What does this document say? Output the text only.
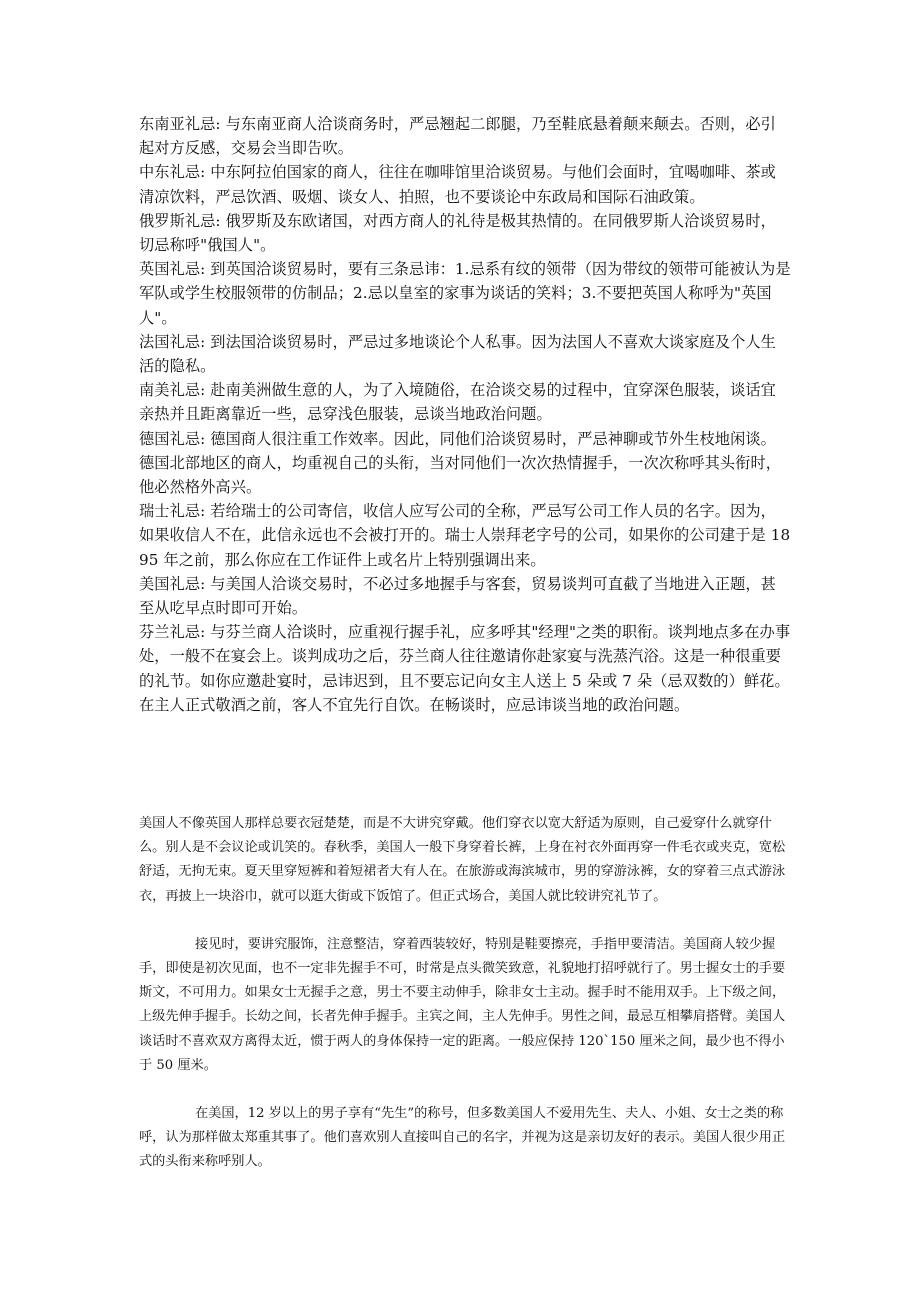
东南亚礼忌: 与东南亚商人洽谈商务时，严忌翘起二郎腿，乃至鞋底悬着颠来颠去。否则，必引起对方反感，交易会当即告吹。

中东礼忌: 中东阿拉伯国家的商人，往往在咖啡馆里洽谈贸易。与他们会面时，宜喝咖啡、茶或清凉饮料，严忌饮酒、吸烟、谈女人、拍照，也不要谈论中东政局和国际石油政策。

俄罗斯礼忌: 俄罗斯及东欧诸国，对西方商人的礼待是极其热情的。在同俄罗斯人洽谈贸易时，切忌称呼"俄国人"。

英国礼忌: 到英国洽谈贸易时，要有三条忌讳：1.忌系有纹的领带（因为带纹的领带可能被认为是军队或学生校服领带的仿制品；2.忌以皇室的家事为谈话的笑料；3.不要把英国人称呼为"英国人"。

法国礼忌: 到法国洽谈贸易时，严忌过多地谈论个人私事。因为法国人不喜欢大谈家庭及个人生活的隐私。

南美礼忌: 赴南美洲做生意的人，为了入境随俗，在洽谈交易的过程中，宜穿深色服装，谈话宜亲热并且距离靠近一些，忌穿浅色服装，忌谈当地政治问题。

德国礼忌: 德国商人很注重工作效率。因此，同他们洽谈贸易时，严忌神聊或节外生枝地闲谈。德国北部地区的商人，均重视自己的头衔，当对同他们一次次热情握手，一次次称呼其头衔时，他必然格外高兴。

瑞士礼忌: 若给瑞士的公司寄信，收信人应写公司的全称，严忌写公司工作人员的名字。因为，如果收信人不在，此信永远也不会被打开的。瑞士人崇拜老字号的公司，如果你的公司建于是 1895 年之前，那么你应在工作证件上或名片上特别强调出来。

美国礼忌: 与美国人洽谈交易时，不必过多地握手与客套，贸易谈判可直截了当地进入正题，甚至从吃早点时即可开始。

芬兰礼忌: 与芬兰商人洽谈时，应重视行握手礼，应多呼其"经理"之类的职衔。谈判地点多在办事处，一般不在宴会上。谈判成功之后，芬兰商人往往邀请你赴家宴与洗蒸汽浴。这是一种很重要的礼节。如你应邀赴宴时，忌讳迟到，且不要忘记向女主人送上 5 朵或 7 朵（忌双数的）鲜花。在主人正式敬酒之前，客人不宜先行自饮。在畅谈时，应忌讳谈当地的政治问题。

美国人不像英国人那样总要衣冠楚楚，而是不大讲究穿戴。他们穿衣以宽大舒适为原则，自己爱穿什么就穿什么。别人是不会议论或讥笑的。春秋季，美国人一般下身穿着长裤，上身在衬衣外面再穿一件毛衣或夹克，宽松舒适，无拘无束。夏天里穿短裤和着短裙者大有人在。在旅游或海滨城市，男的穿游泳裤，女的穿着三点式游泳衣，再披上一块浴巾，就可以逛大街或下饭馆了。但正式场合，美国人就比较讲究礼节了。

接见时，要讲究服饰，注意整洁，穿着西装较好，特别是鞋要擦亮，手指甲要清洁。美国商人较少握手，即使是初次见面，也不一定非先握手不可，时常是点头微笑致意，礼貌地打招呼就行了。男士握女士的手要斯文，不可用力。如果女士无握手之意，男士不要主动伸手，除非女士主动。握手时不能用双手。上下级之间，上级先伸手握手。长幼之间，长者先伸手握手。主宾之间，主人先伸手。男性之间，最忌互相攀肩搭臂。美国人谈话时不喜欢双方离得太近，惯于两人的身体保持一定的距离。一般应保持 120`150 厘米之间，最少也不得小于 50 厘米。

在美国，12 岁以上的男子享有“先生”的称号，但多数美国人不爱用先生、夫人、小姐、女士之类的称呼，认为那样做太郑重其事了。他们喜欢别人直接叫自己的名字，并视为这是亲切友好的表示。美国人很少用正式的头衔来称呼别人。
